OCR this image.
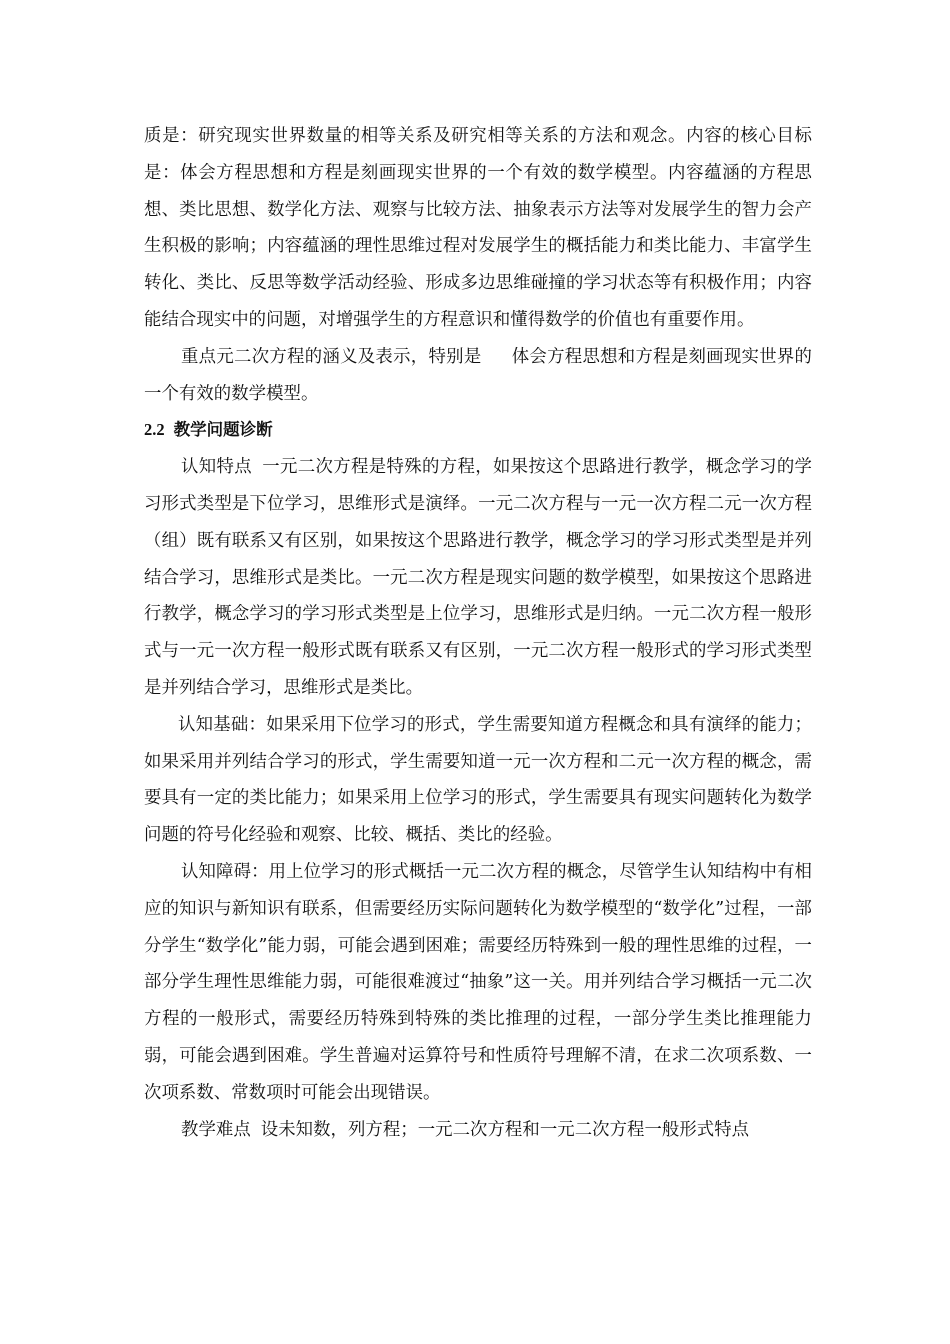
质是：研究现实世界数量的相等关系及研究相等关系的方法和观念。内容的核心目标是：体会方程思想和方程是刻画现实世界的一个有效的数学模型。内容蕴涵的方程思想、类比思想、数学化方法、观察与比较方法、抽象表示方法等对发展学生的智力会产生积极的影响；内容蕴涵的理性思维过程对发展学生的概括能力和类比能力、丰富学生转化、类比、反思等数学活动经验、形成多边思维碰撞的学习状态等有积极作用；内容能结合现实中的问题，对增强学生的方程意识和懂得数学的价值也有重要作用。

重点元二次方程的涵义及表示，特别是 体会方程思想和方程是刻画现实世界的一个有效的数学模型。

2.2 教学问题诊断

认知特点 一元二次方程是特殊的方程，如果按这个思路进行教学，概念学习的学习形式类型是下位学习，思维形式是演绎。一元二次方程与一元一次方程二元一次方程（组）既有联系又有区别，如果按这个思路进行教学，概念学习的学习形式类型是并列结合学习，思维形式是类比。一元二次方程是现实问题的数学模型，如果按这个思路进行教学，概念学习的学习形式类型是上位学习，思维形式是归纳。一元二次方程一般形式与一元一次方程一般形式既有联系又有区别，一元二次方程一般形式的学习形式类型是并列结合学习，思维形式是类比。

认知基础：如果采用下位学习的形式，学生需要知道方程概念和具有演绎的能力；如果采用并列结合学习的形式，学生需要知道一元一次方程和二元一次方程的概念，需要具有一定的类比能力；如果采用上位学习的形式，学生需要具有现实问题转化为数学问题的符号化经验和观察、比较、概括、类比的经验。

认知障碍：用上位学习的形式概括一元二次方程的概念，尽管学生认知结构中有相应的知识与新知识有联系，但需要经历实际问题转化为数学模型的“数学化”过程，一部分学生“数学化”能力弱，可能会遇到困难；需要经历特殊到一般的理性思维的过程，一部分学生理性思维能力弱，可能很难渡过“抽象”这一关。用并列结合学习概括一元二次方程的一般形式，需要经历特殊到特殊的类比推理的过程，一部分学生类比推理能力弱，可能会遇到困难。学生普遍对运算符号和性质符号理解不清，在求二次项系数、一次项系数、常数项时可能会出现错误。

教学难点 设未知数，列方程；一元二次方程和一元二次方程一般形式特点
